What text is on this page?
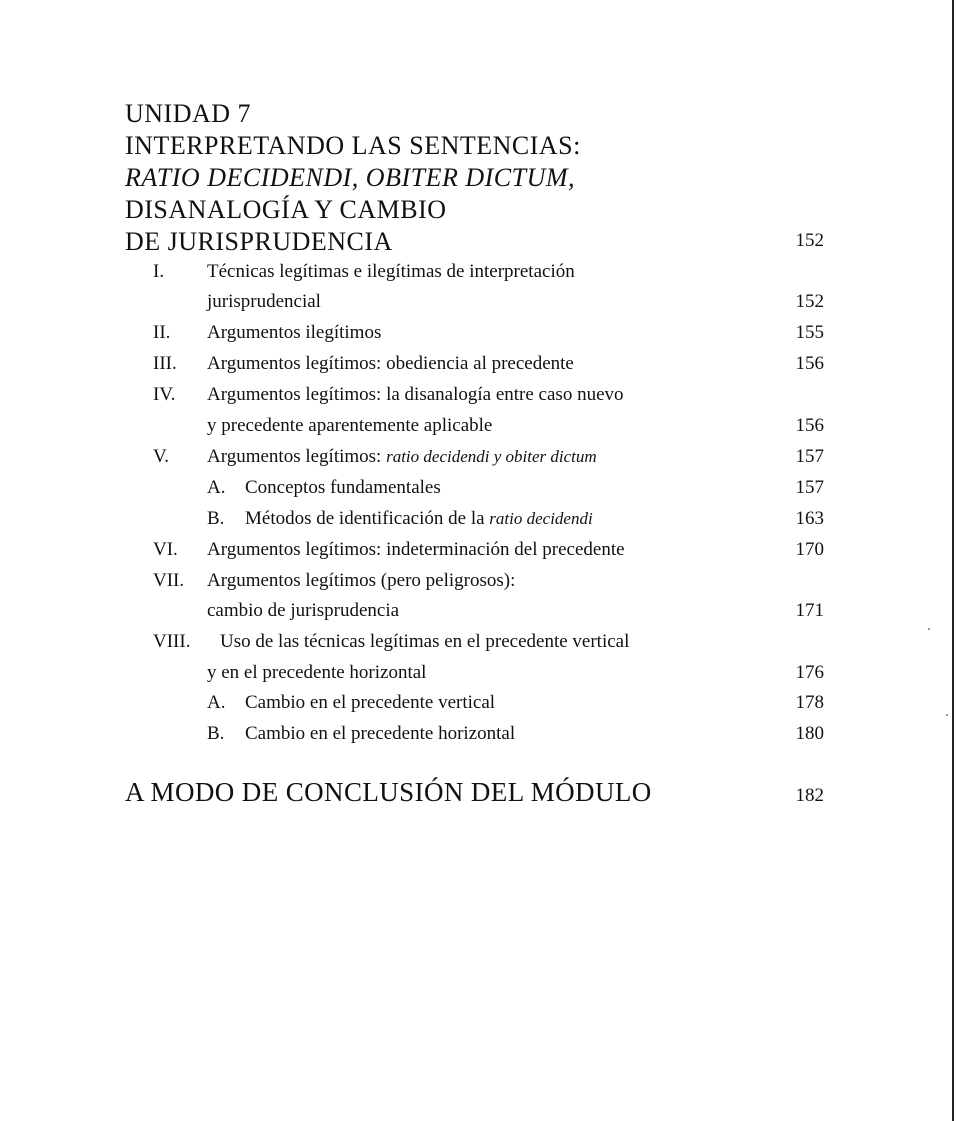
UNIDAD 7
INTERPRETANDO LAS SENTENCIAS:
RATIO DECIDENDI, OBITER DICTUM,
DISANALOGÍA Y CAMBIO
DE JURISPRUDENCIA	152
I. Técnicas legítimas e ilegítimas de interpretación
jurisprudencial	152
II. Argumentos ilegítimos	155
III. Argumentos legítimos: obediencia al precedente	156
IV. Argumentos legítimos: la disanalogía entre caso nuevo
y precedente aparentemente aplicable	156
V. Argumentos legítimos: ratio decidendi y obiter dictum	157
A. Conceptos fundamentales	157
B. Métodos de identificación de la ratio decidendi	163
VI. Argumentos legítimos: indeterminación del precedente	170
VII. Argumentos legítimos (pero peligrosos):
cambio de jurisprudencia	171
VIII. Uso de las técnicas legítimas en el precedente vertical
y en el precedente horizontal	176
A. Cambio en el precedente vertical	178
B. Cambio en el precedente horizontal	180
A MODO DE CONCLUSIÓN DEL MÓDULO	182
